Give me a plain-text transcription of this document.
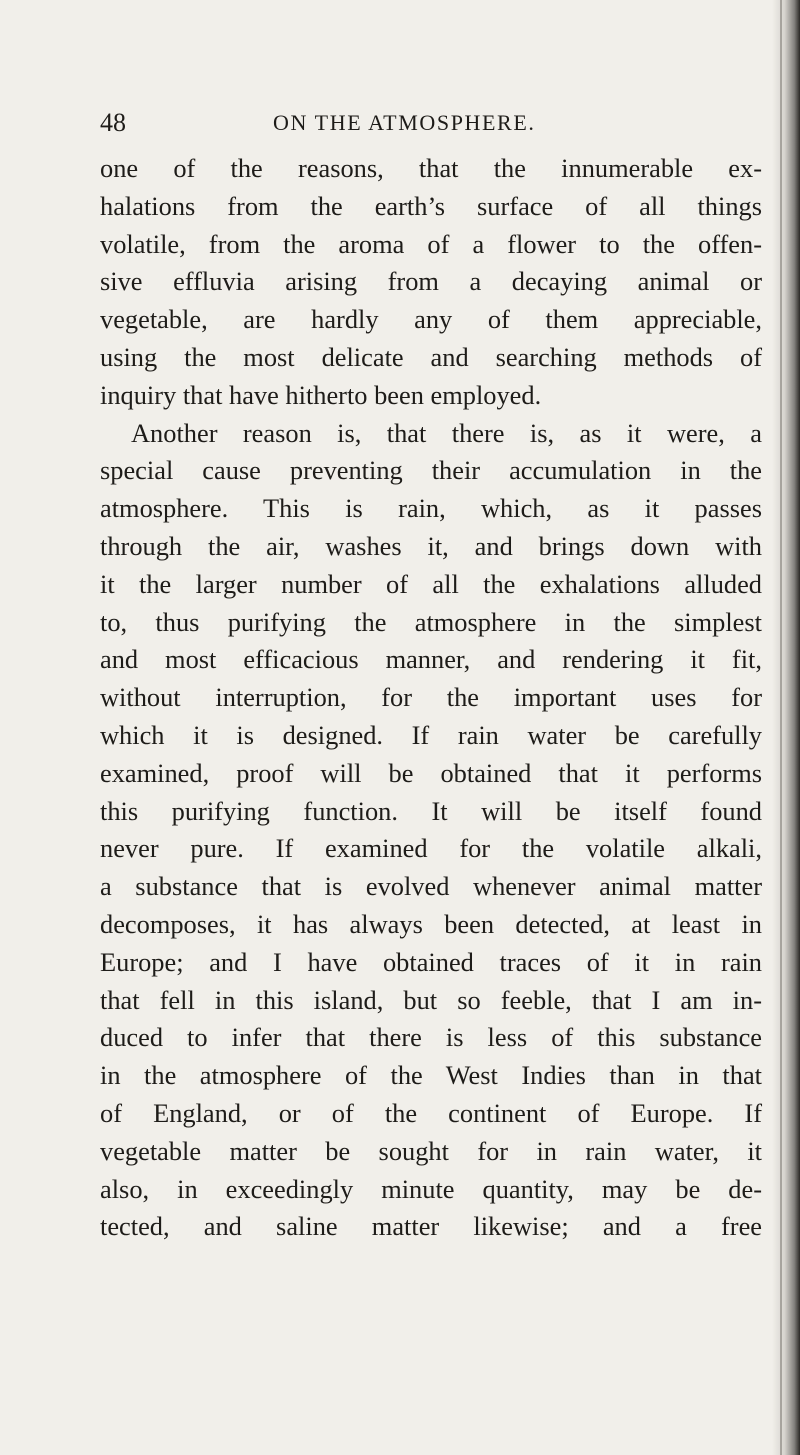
48	ON THE ATMOSPHERE.
one of the reasons, that the innumerable ex-
halations from the earth’s surface of all things
volatile, from the aroma of a flower to the offen-
sive effluvia arising from a decaying animal or
vegetable, are hardly any of them appreciable,
using the most delicate and searching methods of
inquiry that have hitherto been employed.
Another reason is, that there is, as it were, a
special cause preventing their accumulation in the
atmosphere. This is rain, which, as it passes
through the air, washes it, and brings down with
it the larger number of all the exhalations alluded
to, thus purifying the atmosphere in the simplest
and most efficacious manner, and rendering it fit,
without interruption, for the important uses for
which it is designed. If rain water be carefully
examined, proof will be obtained that it performs
this purifying function. It will be itself found
never pure. If examined for the volatile alkali,
a substance that is evolved whenever animal matter
decomposes, it has always been detected, at least in
Europe; and I have obtained traces of it in rain
that fell in this island, but so feeble, that I am in-
duced to infer that there is less of this substance
in the atmosphere of the West Indies than in that
of England, or of the continent of Europe. If
vegetable matter be sought for in rain water, it
also, in exceedingly minute quantity, may be de-
tected, and saline matter likewise; and a free
